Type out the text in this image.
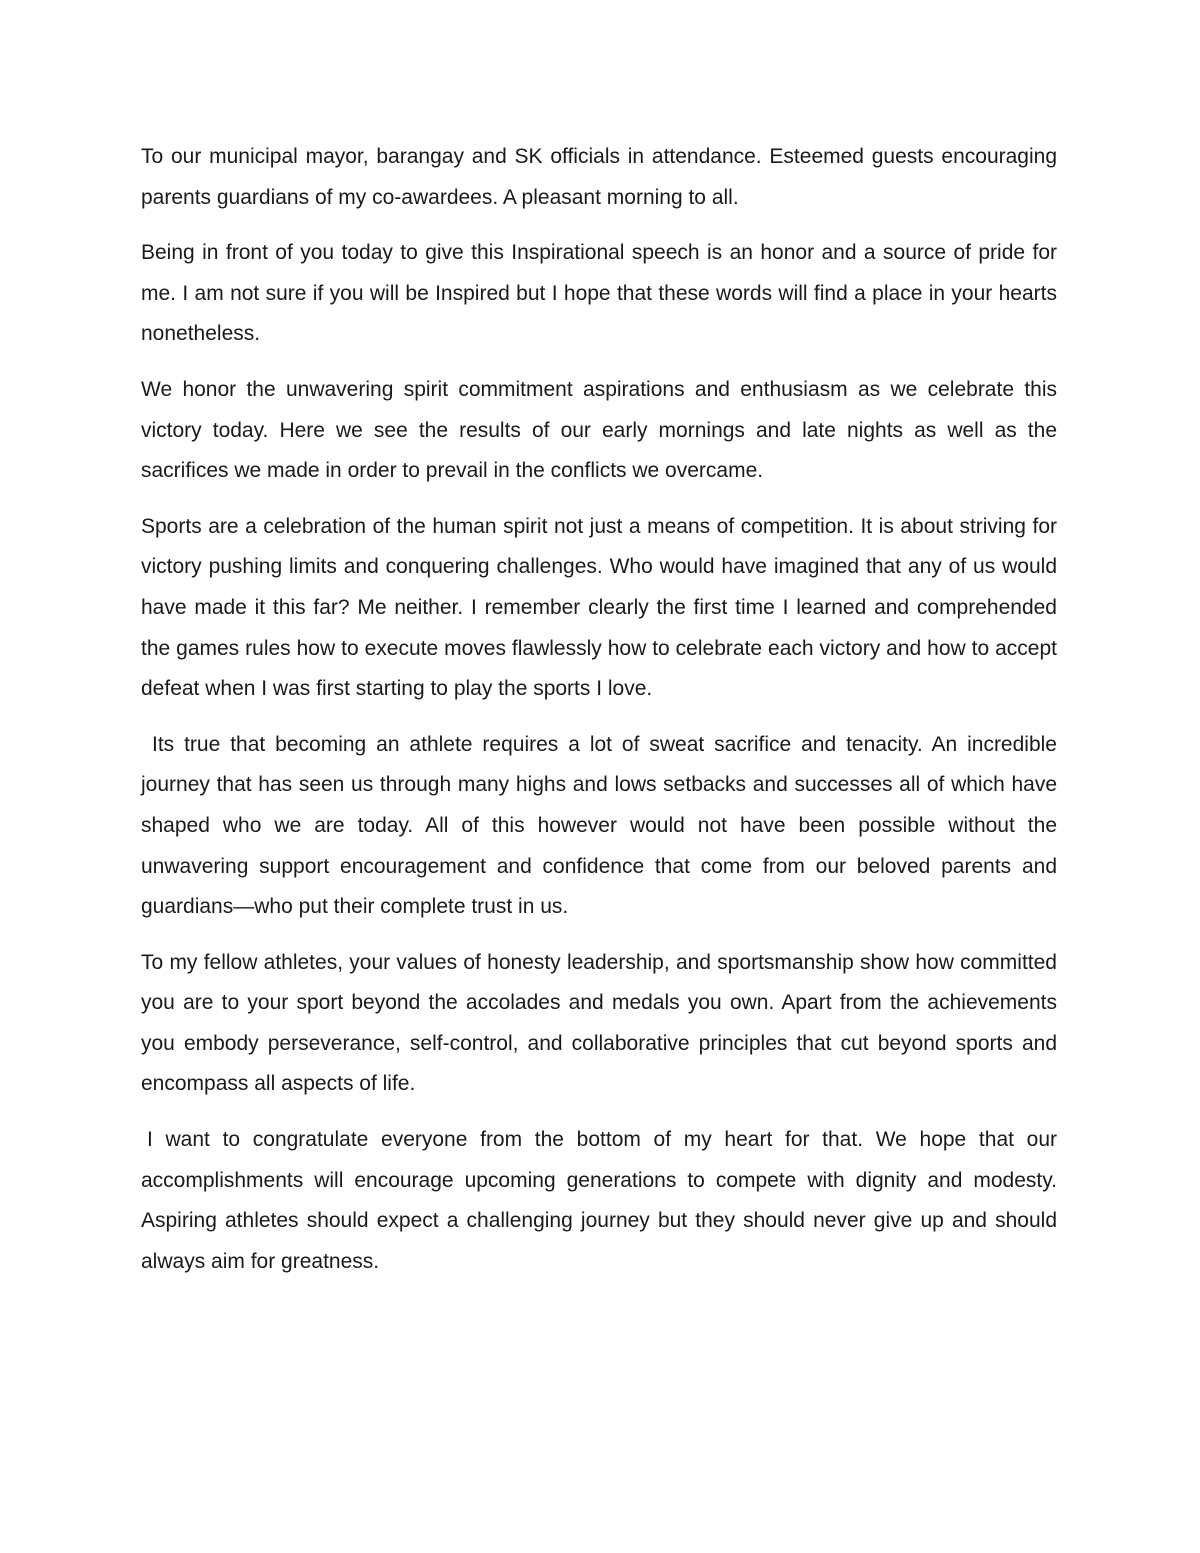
To our municipal mayor, barangay and SK officials in attendance. Esteemed guests encouraging parents guardians of my co-awardees. A pleasant morning to all.

Being in front of you today to give this Inspirational speech is an honor and a source of pride for me. I am not sure if you will be Inspired but I hope that these words will find a place in your hearts nonetheless.

We honor the unwavering spirit commitment aspirations and enthusiasm as we celebrate this victory today. Here we see the results of our early mornings and late nights as well as the sacrifices we made in order to prevail in the conflicts we overcame.

Sports are a celebration of the human spirit not just a means of competition. It is about striving for victory pushing limits and conquering challenges. Who would have imagined that any of us would have made it this far? Me neither. I remember clearly the first time I learned and comprehended the games rules how to execute moves flawlessly how to celebrate each victory and how to accept defeat when I was first starting to play the sports I love.

Its true that becoming an athlete requires a lot of sweat sacrifice and tenacity. An incredible journey that has seen us through many highs and lows setbacks and successes all of which have shaped who we are today. All of this however would not have been possible without the unwavering support encouragement and confidence that come from our beloved parents and guardians—who put their complete trust in us.

To my fellow athletes, your values of honesty leadership, and sportsmanship show how committed you are to your sport beyond the accolades and medals you own. Apart from the achievements you embody perseverance, self-control, and collaborative principles that cut beyond sports and encompass all aspects of life.

I want to congratulate everyone from the bottom of my heart for that. We hope that our accomplishments will encourage upcoming generations to compete with dignity and modesty. Aspiring athletes should expect a challenging journey but they should never give up and should always aim for greatness.
